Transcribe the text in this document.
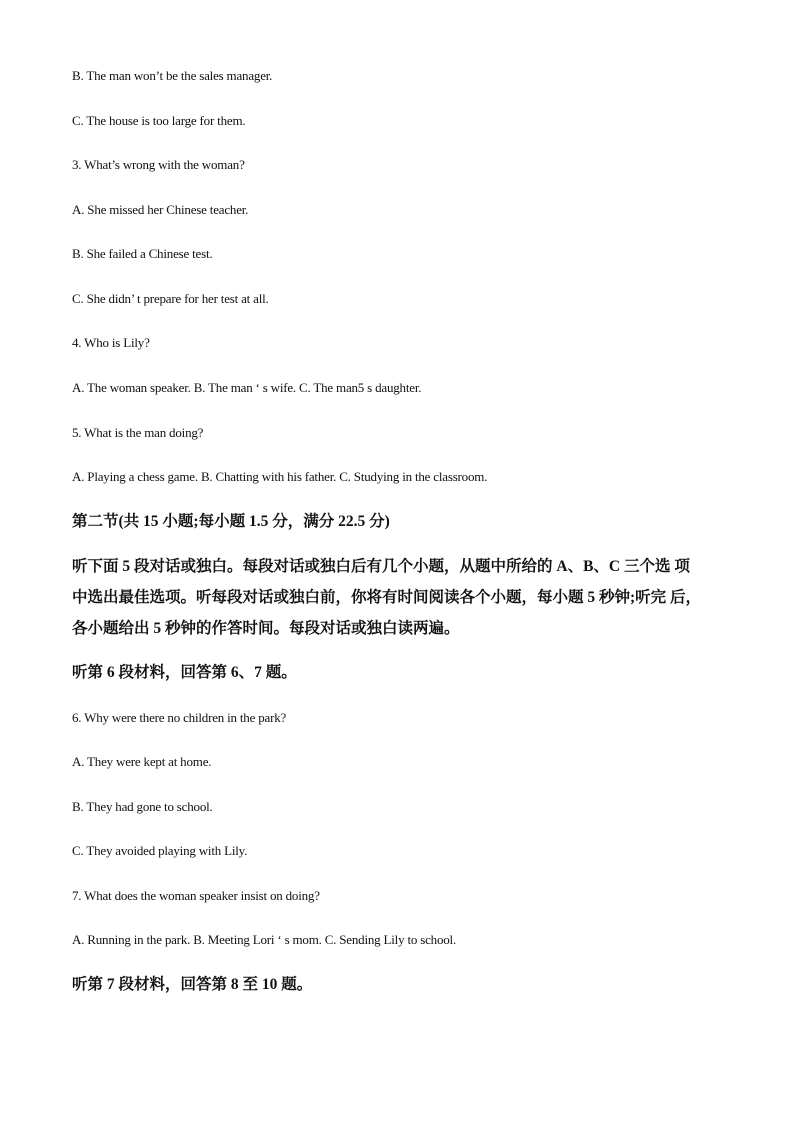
B. The man won’t be the sales manager.
C. The house is too large for them.
3. What’s wrong with the woman?
A. She missed her Chinese teacher.
B. She failed a Chinese test.
C. She didn’ t prepare for her test at all.
4. Who is Lily?
A. The woman speaker. B. The man ‘ s wife. C. The man5 s daughter.
5. What is the man doing?
A. Playing a chess game. B. Chatting with his father. C. Studying in the classroom.
第二节(共 15 小题;每小题 1.5 分，满分 22.5 分)
听下面 5 段对话或独白。每段对话或独白后有几个小题，从题中所给的 A、B、C 三个选 项
中选出最佳选项。听每段对话或独白前，你将有时间阅读各个小题，每小题 5 秒钟;听完 后，
各小题给出 5 秒钟的作答时间。每段对话或独白读两遍。
听第 6 段材料，回答第 6、7 题。
6. Why were there no children in the park?
A. They were kept at home.
B. They had gone to school.
C. They avoided playing with Lily.
7. What does the woman speaker insist on doing?
A. Running in the park. B. Meeting Lori ‘ s mom. C. Sending Lily to school.
听第 7 段材料，回答第 8 至 10 题。
